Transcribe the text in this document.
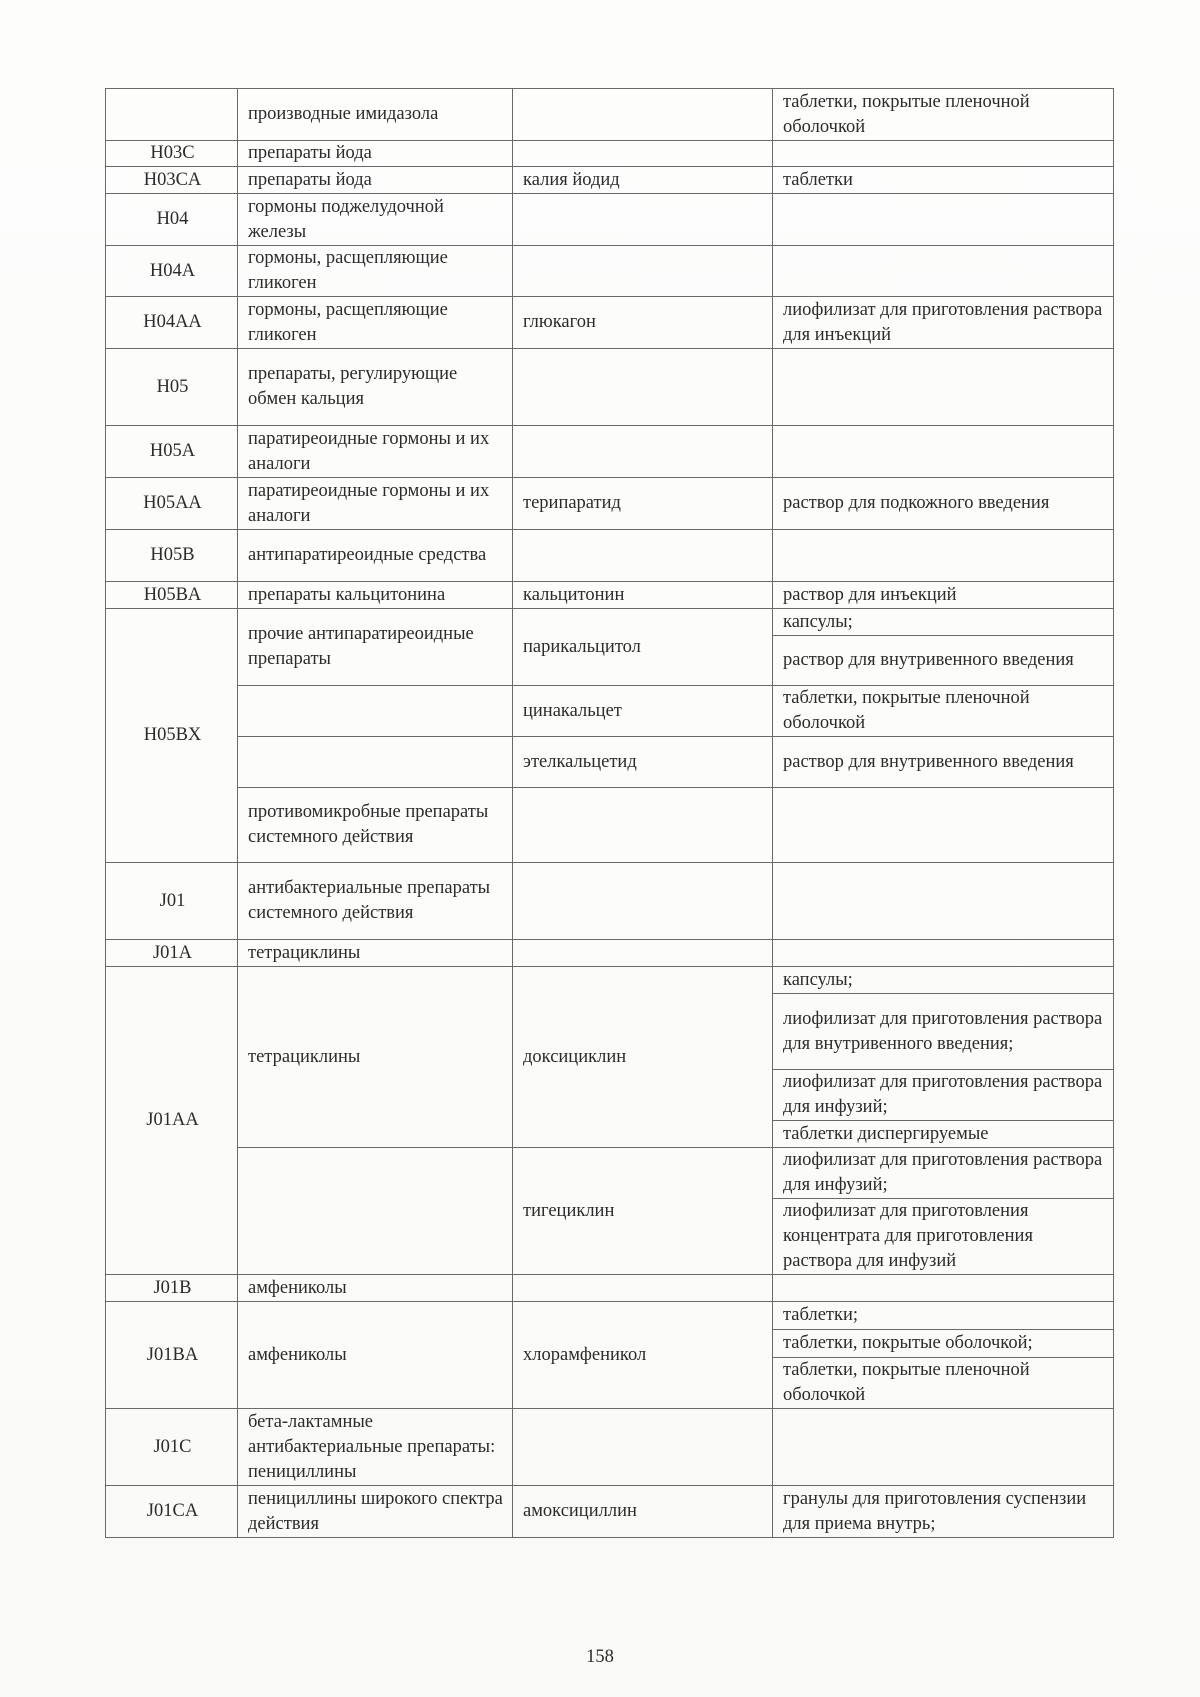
	производные имидазола		таблетки, покрытые пленочной оболочкой
H03C	препараты йода		
H03CA	препараты йода	калия йодид	таблетки
H04	гормоны поджелудочной железы		
H04A	гормоны, расщепляющие гликоген		
H04AA	гормоны, расщепляющие гликоген	глюкагон	лиофилизат для приготовления раствора для инъекций
H05	препараты, регулирующие обмен кальция		
H05A	паратиреоидные гормоны и их аналоги		
H05AA	паратиреоидные гормоны и их аналоги	терипаратид	раствор для подкожного введения
H05B	антипаратиреоидные средства		
H05BA	препараты кальцитонина	кальцитонин	раствор для инъекций
H05BX	прочие антипаратиреоидные препараты	парикальцитол	капсулы;
			раствор для внутривенного введения
		цинакальцет	таблетки, покрытые пленочной оболочкой
		этелкальцетид	раствор для внутривенного введения
	противомикробные препараты системного действия		
J01	антибактериальные препараты системного действия		
J01A	тетрациклины		
J01AA	тетрациклины	доксициклин	капсулы;
			лиофилизат для приготовления раствора для внутривенного введения;
			лиофилизат для приготовления раствора для инфузий;
			таблетки диспергируемые
		тигециклин	лиофилизат для приготовления раствора для инфузий;
			лиофилизат для приготовления концентрата для приготовления раствора для инфузий
J01B	амфениколы		
J01BA	амфениколы	хлорамфеникол	таблетки;
			таблетки, покрытые оболочкой;
			таблетки, покрытые пленочной оболочкой
J01C	бета-лактамные антибактериальные препараты: пенициллины		
J01CA	пенициллины широкого спектра действия	амоксициллин	гранулы для приготовления суспензии для приема внутрь;
158
